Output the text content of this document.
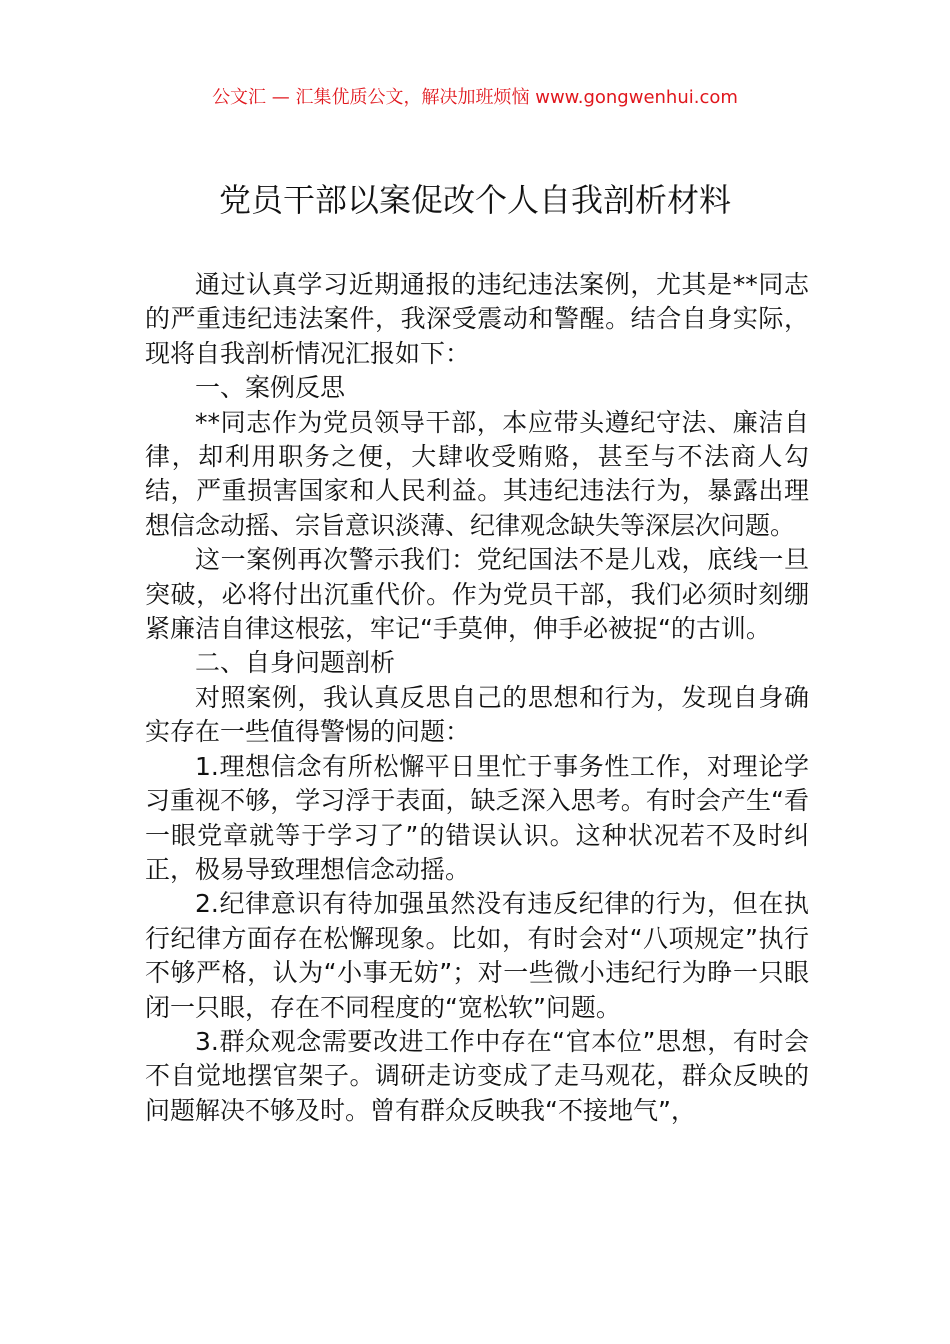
公文汇 — 汇集优质公文，解决加班烦恼 www.gongwenhui.com
党员干部以案促改个人自我剖析材料

通过认真学习近期通报的违纪违法案例，尤其是**同志的严重违纪违法案件，我深受震动和警醒。结合自身实际，现将自我剖析情况汇报如下：

一、案例反思

**同志作为党员领导干部，本应带头遵纪守法、廉洁自律，却利用职务之便，大肆收受贿赂，甚至与不法商人勾结，严重损害国家和人民利益。其违纪违法行为，暴露出理想信念动摇、宗旨意识淡薄、纪律观念缺失等深层次问题。

这一案例再次警示我们：党纪国法不是儿戏，底线一旦突破，必将付出沉重代价。作为党员干部，我们必须时刻绷紧廉洁自律这根弦，牢记“手莫伸，伸手必被捉“的古训。

二、自身问题剖析

对照案例，我认真反思自己的思想和行为，发现自身确实存在一些值得警惕的问题：

1.理想信念有所松懈平日里忙于事务性工作，对理论学习重视不够，学习浮于表面，缺乏深入思考。有时会产生“看一眼党章就等于学习了”的错误认识。这种状况若不及时纠正，极易导致理想信念动摇。

2.纪律意识有待加强虽然没有违反纪律的行为，但在执行纪律方面存在松懈现象。比如，有时会对“八项规定”执行不够严格，认为“小事无妨”；对一些微小违纪行为睁一只眼闭一只眼，存在不同程度的“宽松软”问题。

3.群众观念需要改进工作中存在“官本位”思想，有时会不自觉地摆官架子。调研走访变成了走马观花，群众反映的问题解决不够及时。曾有群众反映我“不接地气”，
